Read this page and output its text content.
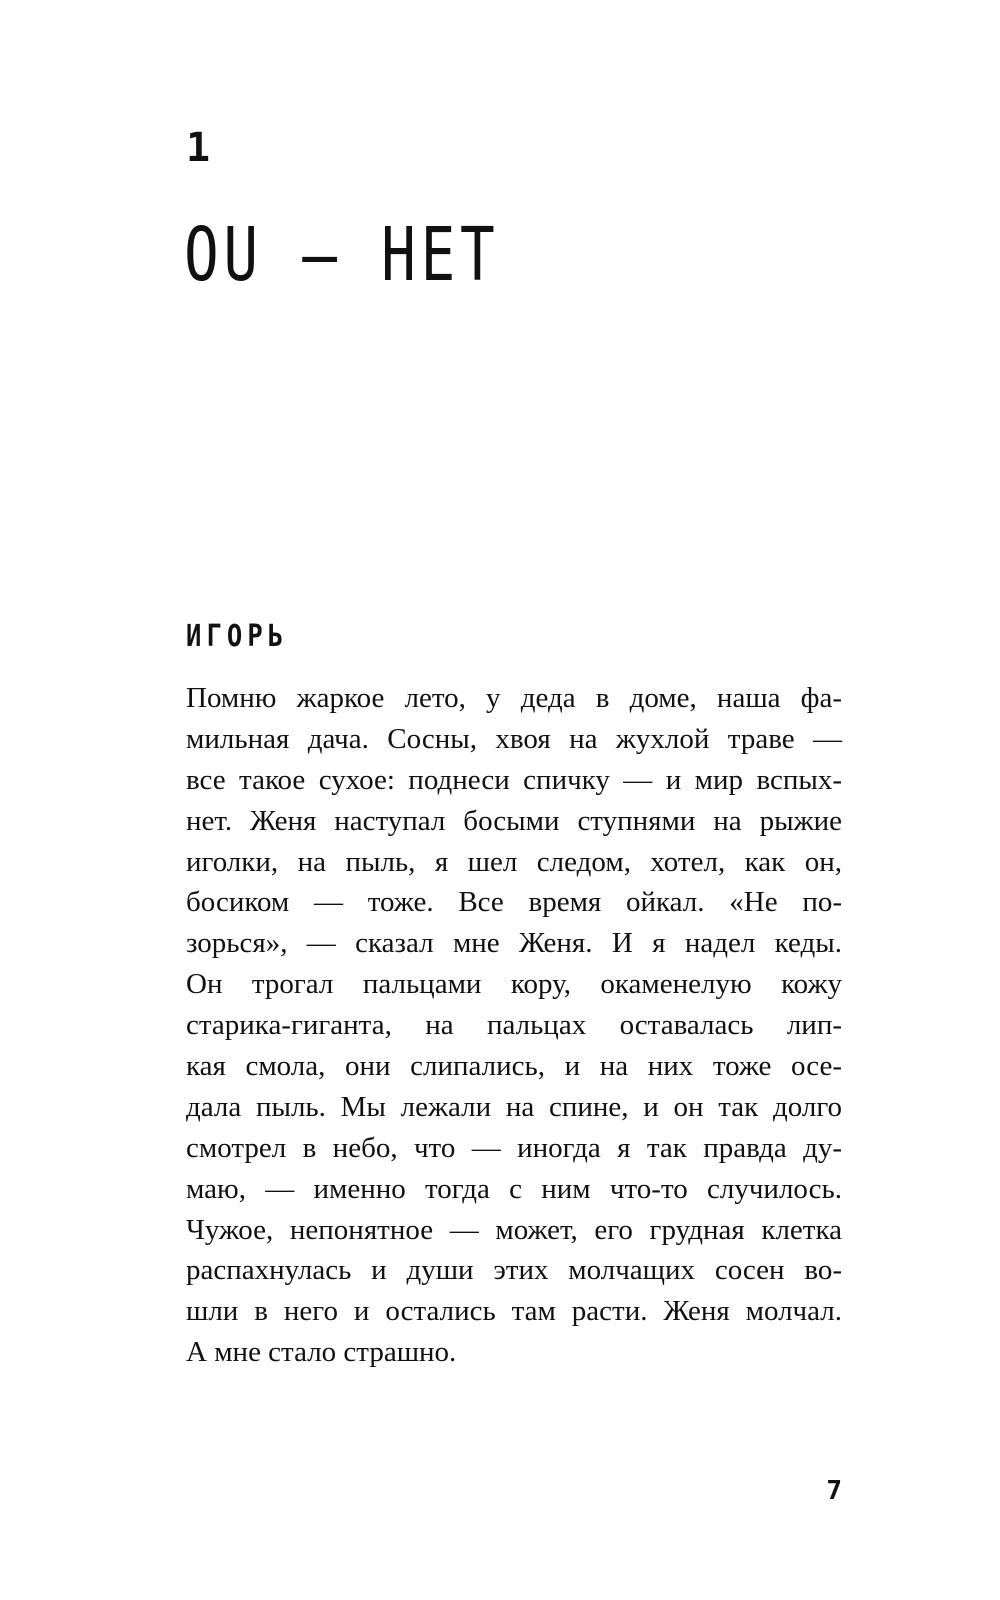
1
OU — НЕТ
ИГОРЬ

Помню жаркое лето, у деда в доме, наша фа-
мильная дача. Сосны, хвоя на жухлой траве —
все такое сухое: поднеси спичку — и мир вспых-
нет. Женя наступал босыми ступнями на рыжие
иголки, на пыль, я шел следом, хотел, как он,
босиком — тоже. Все время ойкал. «Не по-
зорься», — сказал мне Женя. И я надел кеды.
Он трогал пальцами кору, окаменелую кожу
старика-гиганта, на пальцах оставалась лип-
кая смола, они слипались, и на них тоже осе-
дала пыль. Мы лежали на спине, и он так долго
смотрел в небо, что — иногда я так правда ду-
маю, — именно тогда с ним что-то случилось.
Чужое, непонятное — может, его грудная клетка
распахнулась и души этих молчащих сосен во-
шли в него и остались там расти. Женя молчал.
А мне стало страшно.

7
